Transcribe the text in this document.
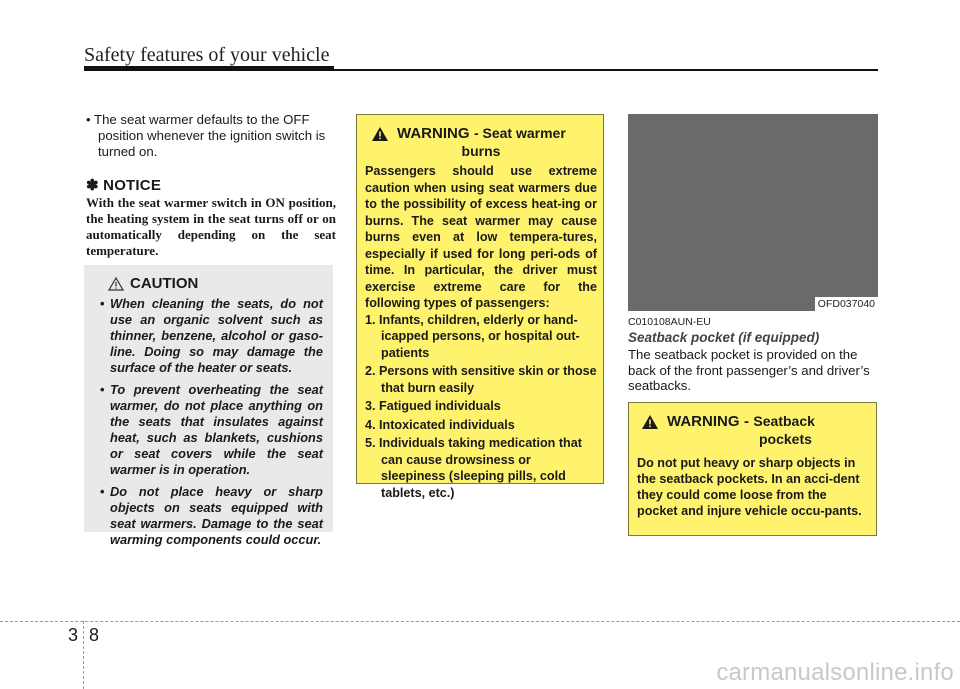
Safety features of your vehicle
• The seat warmer defaults to the OFF position whenever the ignition switch is turned on.
✽ NOTICE
With the seat warmer switch in ON position, the heating system in the seat turns off or on automatically depending on the seat temperature.
CAUTION
• When cleaning the seats, do not use an organic solvent such as thinner, benzene, alcohol or gaso-line. Doing so may damage the surface of the heater or seats.
• To prevent overheating the seat warmer, do not place anything on the seats that insulates against heat, such as blankets, cushions or seat covers while the seat warmer is in operation.
• Do not place heavy or sharp objects on seats equipped with seat warmers. Damage to the seat warming components could occur.
WARNING - Seat warmer
burns
Passengers should use extreme caution when using seat warmers due to the possibility of excess heat-ing or burns. The seat warmer may cause burns even at low tempera-tures, especially if used for long peri-ods of time. In particular, the driver must exercise extreme care for the following types of passengers:
1. Infants, children, elderly or hand-icapped persons, or hospital out-patients
2. Persons with sensitive skin or those that burn easily
3. Fatigued individuals
4. Intoxicated individuals
5. Individuals taking medication that can cause drowsiness or sleepiness (sleeping pills, cold tablets, etc.)
OFD037040
C010108AUN-EU
Seatback pocket (if equipped)
The seatback pocket is provided on the back of the front passenger’s and driver’s seatbacks.
WARNING - Seatback
pockets
Do not put heavy or sharp objects in the seatback pockets. In an acci-dent they could come loose from the pocket and injure vehicle occu-pants.
3 8
carmanualsonline.info
